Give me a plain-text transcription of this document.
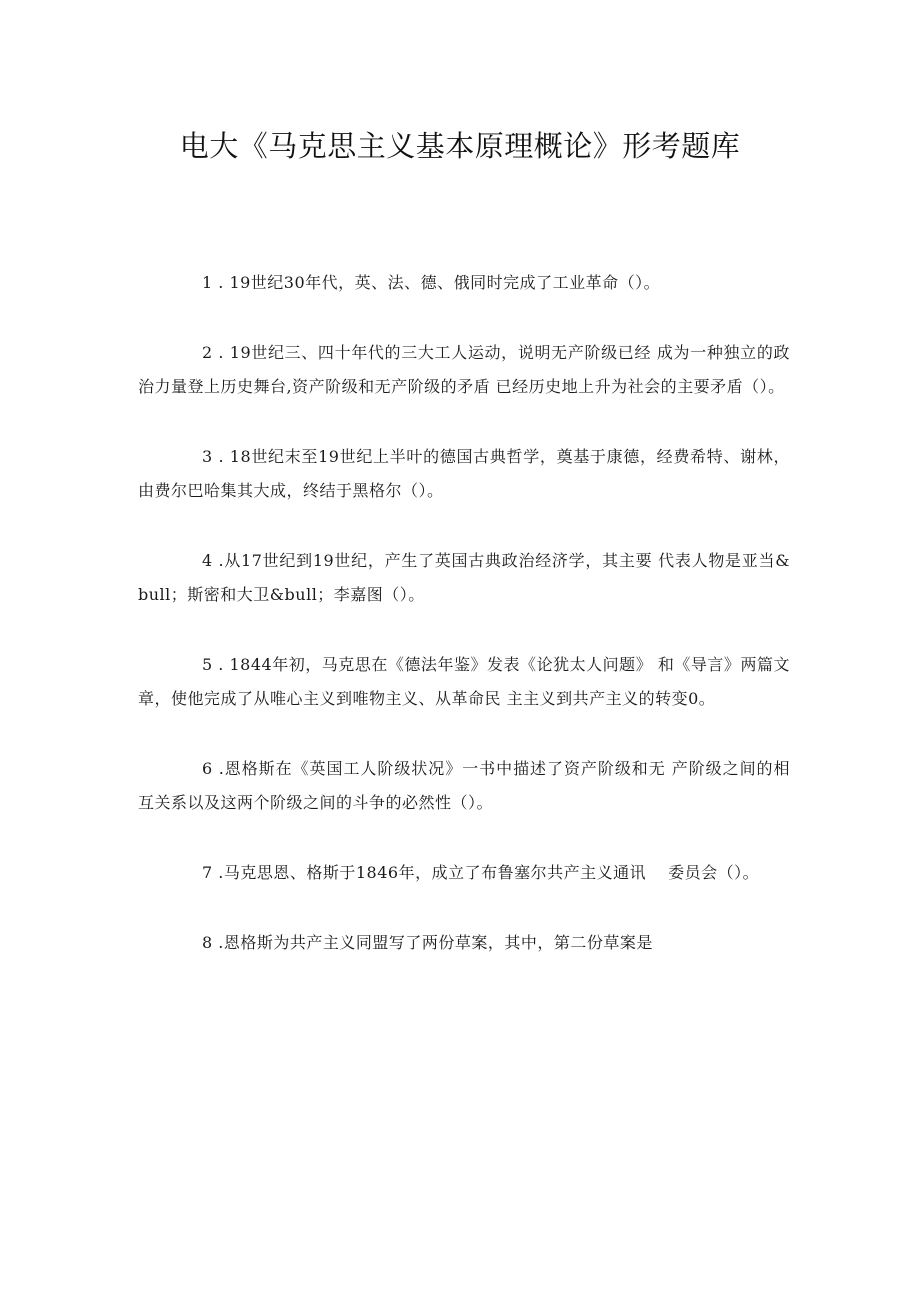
电大《马克思主义基本原理概论》形考题库

1 . 19世纪30年代，英、法、德、俄同时完成了工业革命（）。

2 . 19世纪三、四十年代的三大工人运动，说明无产阶级已经 成为一种独立的政治力量登上历史舞台,资产阶级和无产阶级的矛盾 已经历史地上升为社会的主要矛盾（）。

3 . 18世纪末至19世纪上半叶的德国古典哲学，奠基于康德，经费希特、谢林，由费尔巴哈集其大成，终结于黑格尔（）。

4 .从17世纪到19世纪，产生了英国古典政治经济学，其主要 代表人物是亚当&bull；斯密和大卫&bull；李嘉图（）。

5 . 1844年初，马克思在《德法年鉴》发表《论犹太人问题》 和《导言》两篇文章，使他完成了从唯心主义到唯物主义、从革命民 主主义到共产主义的转变0。

6 .恩格斯在《英国工人阶级状况》一书中描述了资产阶级和无 产阶级之间的相互关系以及这两个阶级之间的斗争的必然性（）。

7 .马克思恩、格斯于1846年，成立了布鲁塞尔共产主义通讯　 委员会（）。

8 .恩格斯为共产主义同盟写了两份草案，其中，第二份草案是
